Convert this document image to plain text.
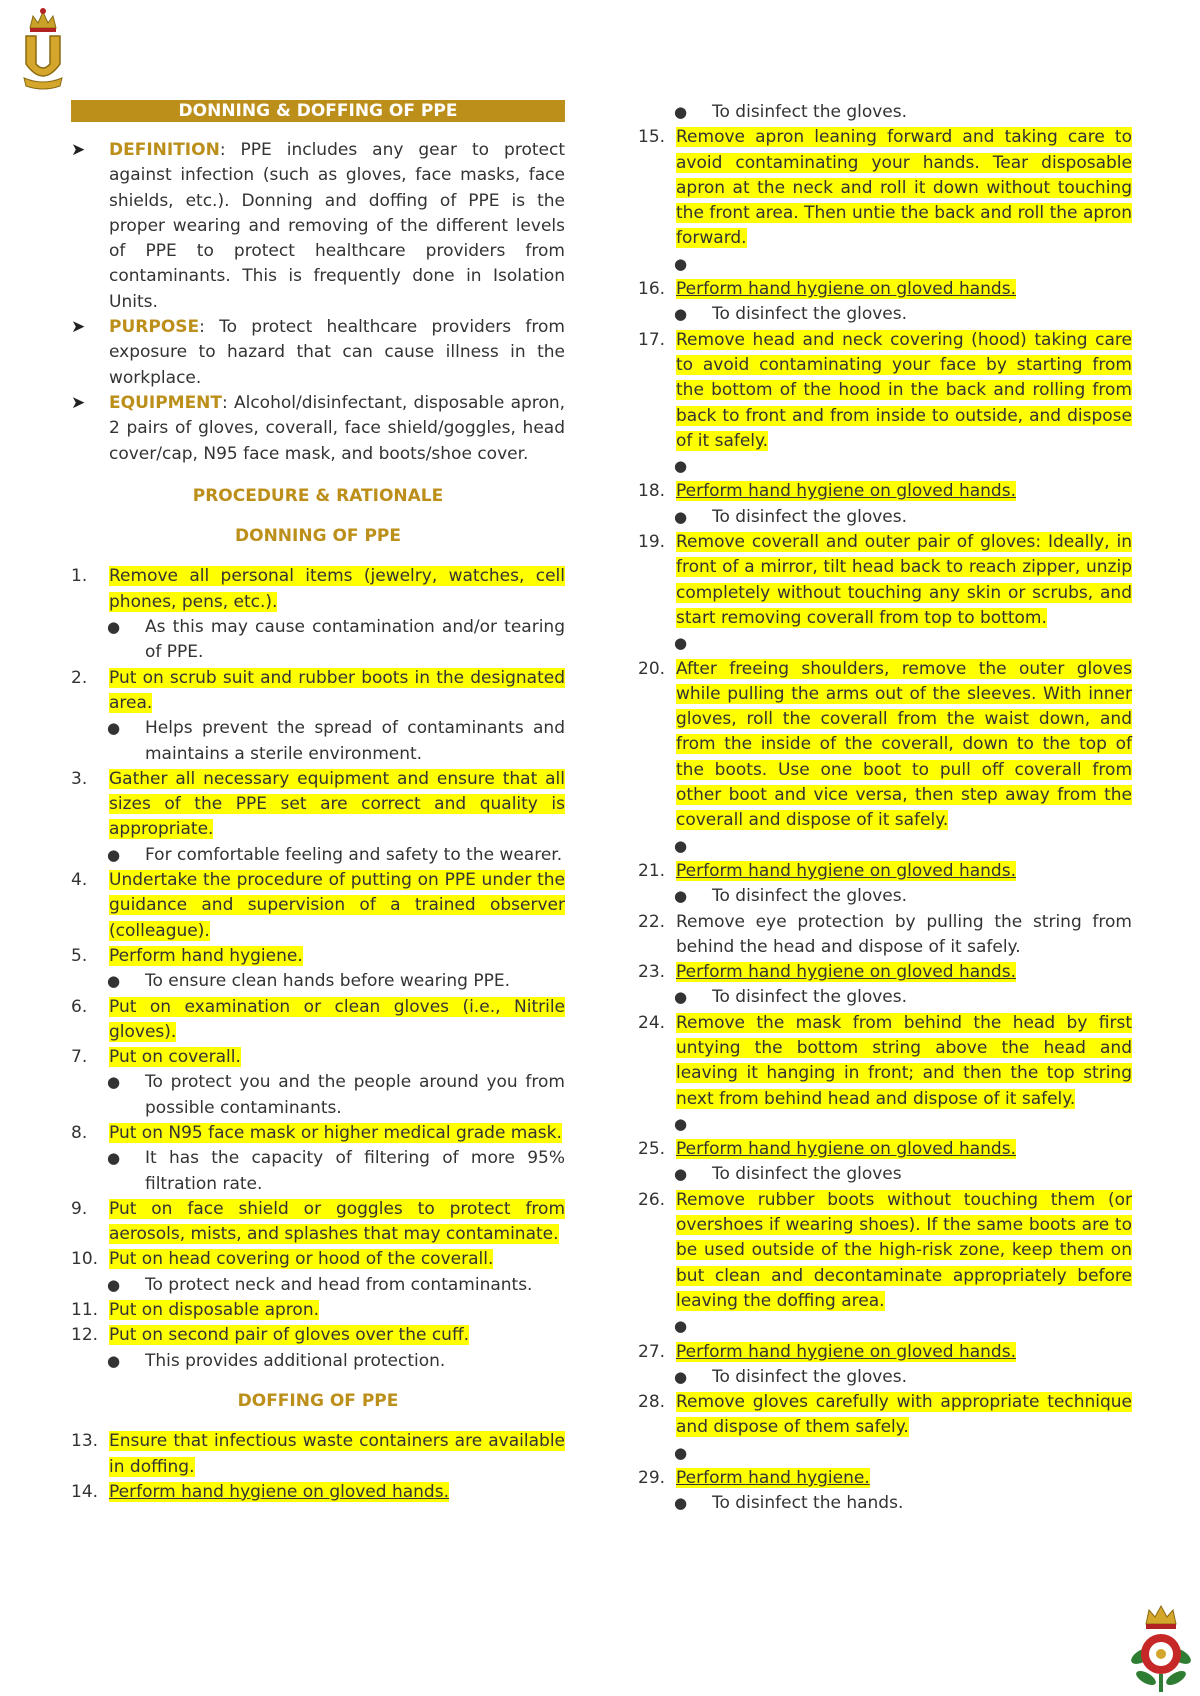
DONNING & DOFFING OF PPE
➤	DEFINITION: PPE includes any gear to protect against infection (such as gloves, face masks, face shields, etc.). Donning and doffing of PPE is the proper wearing and removing of the different levels of PPE to protect healthcare providers from contaminants. This is frequently done in Isolation Units.
➤	PURPOSE: To protect healthcare providers from exposure to hazard that can cause illness in the workplace.
➤	EQUIPMENT: Alcohol/disinfectant, disposable apron, 2 pairs of gloves, coverall, face shield/goggles, head cover/cap, N95 face mask, and boots/shoe cover.
PROCEDURE & RATIONALE
DONNING OF PPE
1.	Remove all personal items (jewelry, watches, cell phones, pens, etc.).
● As this may cause contamination and/or tearing of PPE.
2.	Put on scrub suit and rubber boots in the designated area.
● Helps prevent the spread of contaminants and maintains a sterile environment.
3.	Gather all necessary equipment and ensure that all sizes of the PPE set are correct and quality is appropriate.
● For comfortable feeling and safety to the wearer.
4.	Undertake the procedure of putting on PPE under the guidance and supervision of a trained observer (colleague).
5.	Perform hand hygiene.
● To ensure clean hands before wearing PPE.
6.	Put on examination or clean gloves (i.e., Nitrile gloves).
7.	Put on coverall.
● To protect you and the people around you from possible contaminants.
8.	Put on N95 face mask or higher medical grade mask.
● It has the capacity of filtering of more 95% filtration rate.
9.	Put on face shield or goggles to protect from aerosols, mists, and splashes that may contaminate.
10. Put on head covering or hood of the coverall.
● To protect neck and head from contaminants.
11. Put on disposable apron.
12. Put on second pair of gloves over the cuff.
● This provides additional protection.
DOFFING OF PPE
13. Ensure that infectious waste containers are available in doffing.
14. Perform hand hygiene on gloved hands.
● To disinfect the gloves.
15. Remove apron leaning forward and taking care to avoid contaminating your hands. Tear disposable apron at the neck and roll it down without touching the front area. Then untie the back and roll the apron forward.
●
16. Perform hand hygiene on gloved hands.
● To disinfect the gloves.
17. Remove head and neck covering (hood) taking care to avoid contaminating your face by starting from the bottom of the hood in the back and rolling from back to front and from inside to outside, and dispose of it safely.
●
18. Perform hand hygiene on gloved hands.
● To disinfect the gloves.
19. Remove coverall and outer pair of gloves: Ideally, in front of a mirror, tilt head back to reach zipper, unzip completely without touching any skin or scrubs, and start removing coverall from top to bottom.
●
20. After freeing shoulders, remove the outer gloves while pulling the arms out of the sleeves. With inner gloves, roll the coverall from the waist down, and from the inside of the coverall, down to the top of the boots. Use one boot to pull off coverall from other boot and vice versa, then step away from the coverall and dispose of it safely.
●
21. Perform hand hygiene on gloved hands.
● To disinfect the gloves.
22. Remove eye protection by pulling the string from behind the head and dispose of it safely.
23. Perform hand hygiene on gloved hands.
● To disinfect the gloves.
24. Remove the mask from behind the head by first untying the bottom string above the head and leaving it hanging in front; and then the top string next from behind head and dispose of it safely.
●
25. Perform hand hygiene on gloved hands.
● To disinfect the gloves
26. Remove rubber boots without touching them (or overshoes if wearing shoes). If the same boots are to be used outside of the high-risk zone, keep them on but clean and decontaminate appropriately before leaving the doffing area.
●
27. Perform hand hygiene on gloved hands.
● To disinfect the gloves.
28. Remove gloves carefully with appropriate technique and dispose of them safely.
●
29. Perform hand hygiene.
● To disinfect the hands.
